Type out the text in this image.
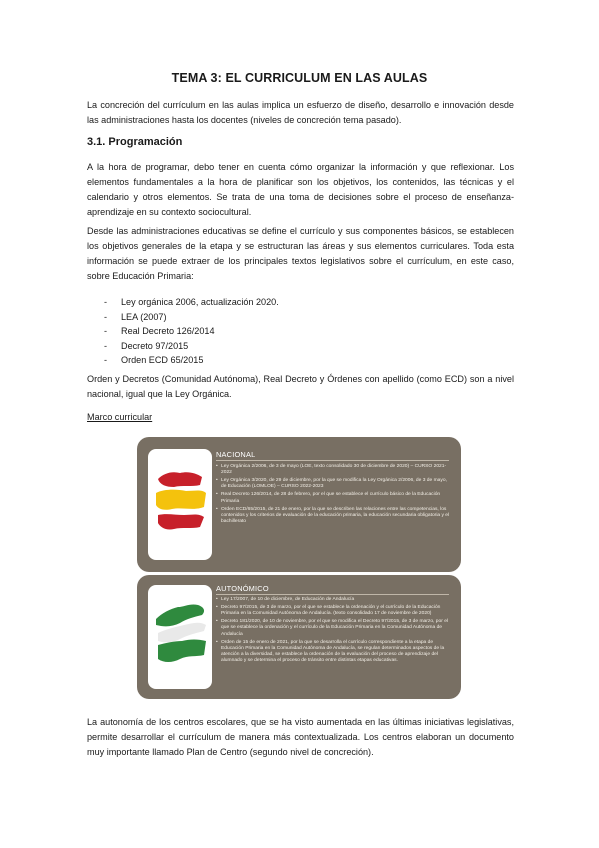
TEMA 3: EL CURRICULUM EN LAS AULAS
La concreción del currículum en las aulas implica un esfuerzo de diseño, desarrollo e innovación desde las administraciones hasta los docentes (niveles de concreción tema pasado).
3.1. Programación
A la hora de programar, debo tener en cuenta cómo organizar la información y que reflexionar. Los elementos fundamentales a la hora de planificar son los objetivos, los contenidos, las técnicas y el calendario y otros elementos. Se trata de una toma de decisiones sobre el proceso de enseñanza-aprendizaje en su contexto sociocultural.
Desde las administraciones educativas se define el currículo y sus componentes básicos, se establecen los objetivos generales de la etapa y se estructuran las áreas y sus elementos curriculares. Toda esta información se puede extraer de los principales textos legislativos sobre el currículum, en este caso, sobre Educación Primaria:
- Ley orgánica 2006, actualización 2020.
- LEA (2007)
- Real Decreto 126/2014
- Decreto 97/2015
- Orden ECD 65/2015
Orden y Decretos (Comunidad Autónoma), Real Decreto y Órdenes con apellido (como ECD) son a nivel nacional, igual que la Ley Orgánica.
Marco curricular
NACIONAL
• Ley Orgánica 2/2006, de 3 de mayo (LOE, texto consolidado 30 de diciembre de 2020) – CURSO 2021-2022
• Ley Orgánica 3/2020, de 29 de diciembre, por la que se modifica la Ley Orgánica 2/2006, de 3 de mayo, de Educación (LOMLOE) – CURSO 2022-2023
• Real Decreto 126/2014, de 28 de febrero, por el que se establece el currículo básico de la Educación Primaria
• Orden ECD/65/2015, de 21 de enero, por la que se describen las relaciones entre las competencias, los contenidos y los criterios de evaluación de la educación primaria, la educación secundaria obligatoria y el bachillerato
AUTONÓMICO
• Ley 17/2007, de 10 de diciembre, de Educación de Andalucía
• Decreto 97/2015, de 3 de marzo, por el que se establece la ordenación y el currículo de la Educación Primaria en la Comunidad Autónoma de Andalucía. (texto consolidado 17 de noviembre de 2020)
• Decreto 181/2020, de 10 de noviembre, por el que se modifica el Decreto 97/2015, de 3 de marzo, por el que se establece la ordenación y el currículo de la Educación Primaria en la Comunidad Autónoma de Andalucía
• Orden de 15 de enero de 2021, por la que se desarrolla el currículo correspondiente a la etapa de Educación Primaria en la Comunidad Autónoma de Andalucía, se regulan determinados aspectos de la atención a la diversidad, se establece la ordenación de la evaluación del proceso de aprendizaje del alumnado y se determina el proceso de tránsito entre distintas etapas educativas.
La autonomía de los centros escolares, que se ha visto aumentada en las últimas iniciativas legislativas, permite desarrollar el currículum de manera más contextualizada. Los centros elaboran un documento muy importante llamado Plan de Centro (segundo nivel de concreción).
